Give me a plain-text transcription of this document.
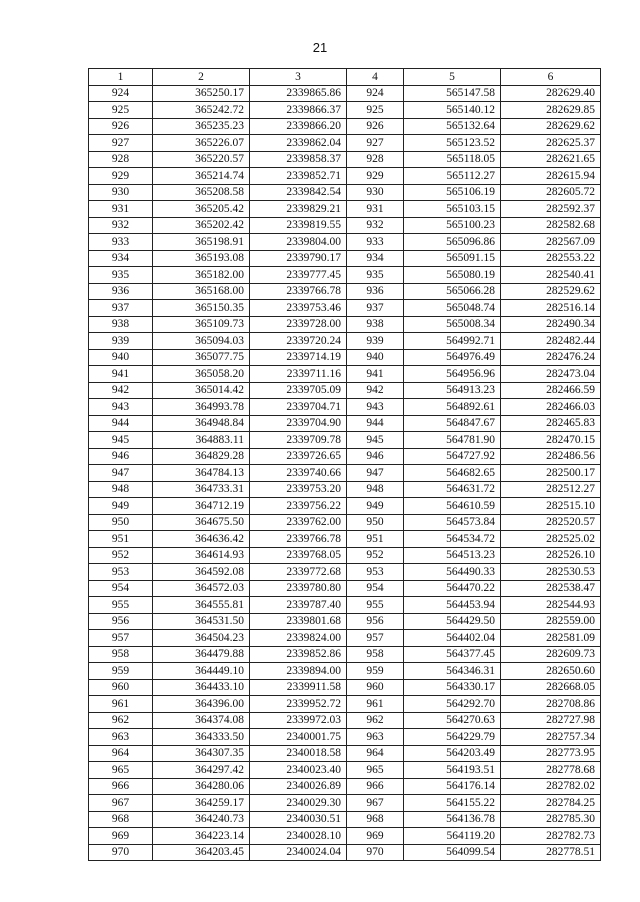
21
1	2	3	4	5	6
924	365250.17	2339865.86	924	565147.58	282629.40
925	365242.72	2339866.37	925	565140.12	282629.85
926	365235.23	2339866.20	926	565132.64	282629.62
927	365226.07	2339862.04	927	565123.52	282625.37
928	365220.57	2339858.37	928	565118.05	282621.65
929	365214.74	2339852.71	929	565112.27	282615.94
930	365208.58	2339842.54	930	565106.19	282605.72
931	365205.42	2339829.21	931	565103.15	282592.37
932	365202.42	2339819.55	932	565100.23	282582.68
933	365198.91	2339804.00	933	565096.86	282567.09
934	365193.08	2339790.17	934	565091.15	282553.22
935	365182.00	2339777.45	935	565080.19	282540.41
936	365168.00	2339766.78	936	565066.28	282529.62
937	365150.35	2339753.46	937	565048.74	282516.14
938	365109.73	2339728.00	938	565008.34	282490.34
939	365094.03	2339720.24	939	564992.71	282482.44
940	365077.75	2339714.19	940	564976.49	282476.24
941	365058.20	2339711.16	941	564956.96	282473.04
942	365014.42	2339705.09	942	564913.23	282466.59
943	364993.78	2339704.71	943	564892.61	282466.03
944	364948.84	2339704.90	944	564847.67	282465.83
945	364883.11	2339709.78	945	564781.90	282470.15
946	364829.28	2339726.65	946	564727.92	282486.56
947	364784.13	2339740.66	947	564682.65	282500.17
948	364733.31	2339753.20	948	564631.72	282512.27
949	364712.19	2339756.22	949	564610.59	282515.10
950	364675.50	2339762.00	950	564573.84	282520.57
951	364636.42	2339766.78	951	564534.72	282525.02
952	364614.93	2339768.05	952	564513.23	282526.10
953	364592.08	2339772.68	953	564490.33	282530.53
954	364572.03	2339780.80	954	564470.22	282538.47
955	364555.81	2339787.40	955	564453.94	282544.93
956	364531.50	2339801.68	956	564429.50	282559.00
957	364504.23	2339824.00	957	564402.04	282581.09
958	364479.88	2339852.86	958	564377.45	282609.73
959	364449.10	2339894.00	959	564346.31	282650.60
960	364433.10	2339911.58	960	564330.17	282668.05
961	364396.00	2339952.72	961	564292.70	282708.86
962	364374.08	2339972.03	962	564270.63	282727.98
963	364333.50	2340001.75	963	564229.79	282757.34
964	364307.35	2340018.58	964	564203.49	282773.95
965	364297.42	2340023.40	965	564193.51	282778.68
966	364280.06	2340026.89	966	564176.14	282782.02
967	364259.17	2340029.30	967	564155.22	282784.25
968	364240.73	2340030.51	968	564136.78	282785.30
969	364223.14	2340028.10	969	564119.20	282782.73
970	364203.45	2340024.04	970	564099.54	282778.51
